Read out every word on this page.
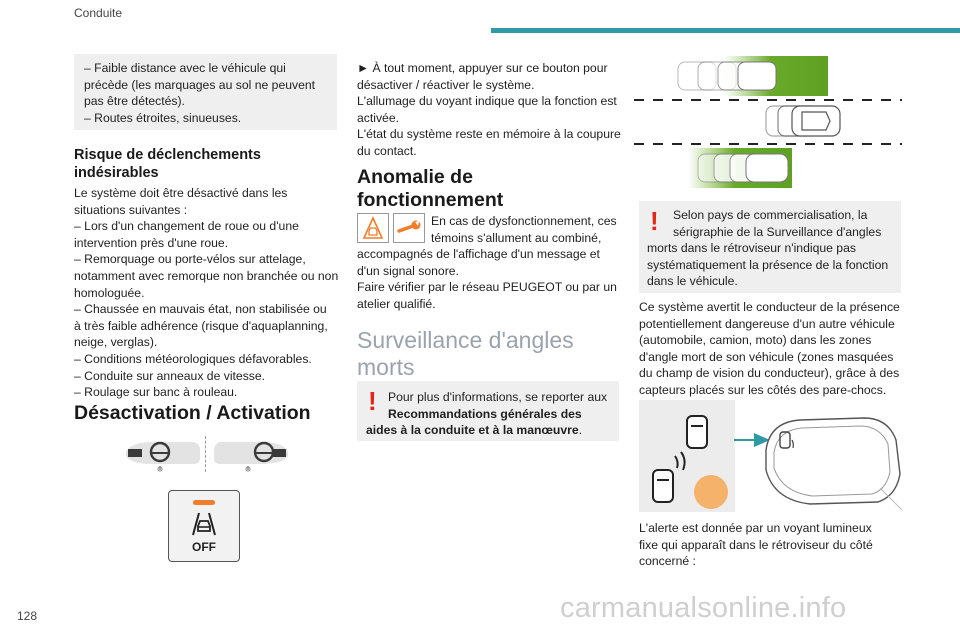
Conduite
128

– Faible distance avec le véhicule qui

précède (les marquages au sol ne peuvent

pas être détectés).

– Routes étroites, sinueuses.

Risque de déclenchements

indésirables

Le système doit être désactivé dans les

situations suivantes :

– Lors d'un changement de roue ou d'une

intervention près d'une roue.

– Remorquage ou porte-vélos sur attelage,

notamment avec remorque non branchée ou non

homologuée.

– Chaussée en mauvais état, non stabilisée ou

à très faible adhérence (risque d'aquaplanning,

neige, verglas).

– Conditions météorologiques défavorables.

– Conduite sur anneaux de vitesse.

– Roulage sur banc à rouleau.

Désactivation / Activation
OFF

► À tout moment, appuyer sur ce bouton pour

désactiver / réactiver le système.

L'allumage du voyant indique que la fonction est

activée.

L'état du système reste en mémoire à la coupure

du contact.

Anomalie de

fonctionnement

En cas de dysfonctionnement, ces

témoins s'allument au combiné,

accompagnés de l'affichage d'un message et

d'un signal sonore.

Faire vérifier par le réseau PEUGEOT ou par un

atelier qualifié.

Surveillance d'angles

morts

! Pour plus d'informations, se reporter aux

Recommandations générales des

aides à la conduite et à la manœuvre.

!	Selon pays de commercialisation, la

sérigraphie de la Surveillance d'angles

morts dans le rétroviseur n'indique pas

systématiquement la présence de la fonction

dans le véhicule.

Ce système avertit le conducteur de la présence

potentiellement dangereuse d'un autre véhicule

(automobile, camion, moto) dans les zones

d'angle mort de son véhicule (zones masquées

du champ de vision du conducteur), grâce à des

capteurs placés sur les côtés des pare-chocs.

L'alerte est donnée par un voyant lumineux

fixe qui apparaît dans le rétroviseur du côté

concerné :

carmanualsonline.info
